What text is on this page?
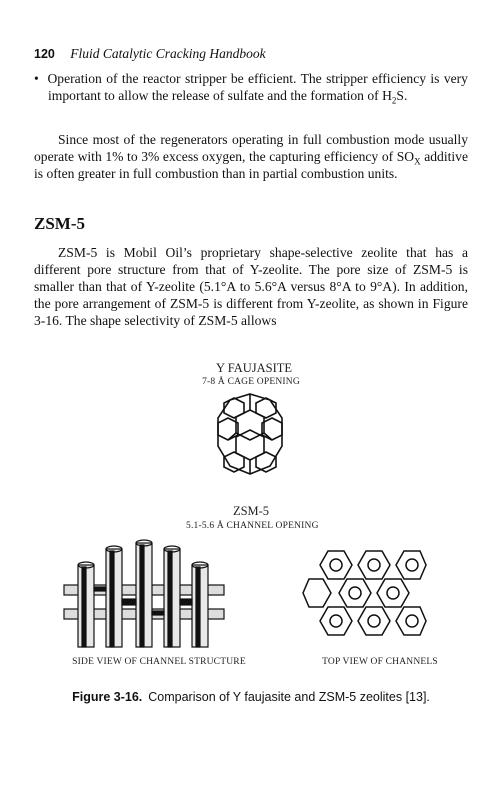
120 Fluid Catalytic Cracking Handbook
•  Operation of the reactor stripper be efficient. The stripper efficiency is very important to allow the release of sulfate and the formation of $H_2S$.
Since most of the regenerators operating in full combustion mode usually operate with 1% to 3% excess oxygen, the capturing efficiency of $SO_X$ additive is often greater in full combustion than in partial combustion units.
ZSM-5
ZSM-5 is Mobil Oil’s proprietary shape-selective zeolite that has a different pore structure from that of Y-zeolite. The pore size of ZSM-5 is smaller than that of Y-zeolite (5.1°A to 5.6°A versus 8°A to 9°A). In addition, the pore arrangement of ZSM-5 is different from Y-zeolite, as shown in Figure 3-16. The shape selectivity of ZSM-5 allows
Y FAUJASITE
7-8 Å CAGE OPENING
ZSM-5
5.1-5.6 Å CHANNEL OPENING
SIDE VIEW OF CHANNEL STRUCTURE	TOP VIEW OF CHANNELS
Figure 3-16. Comparison of Y faujasite and ZSM-5 zeolites [13].
